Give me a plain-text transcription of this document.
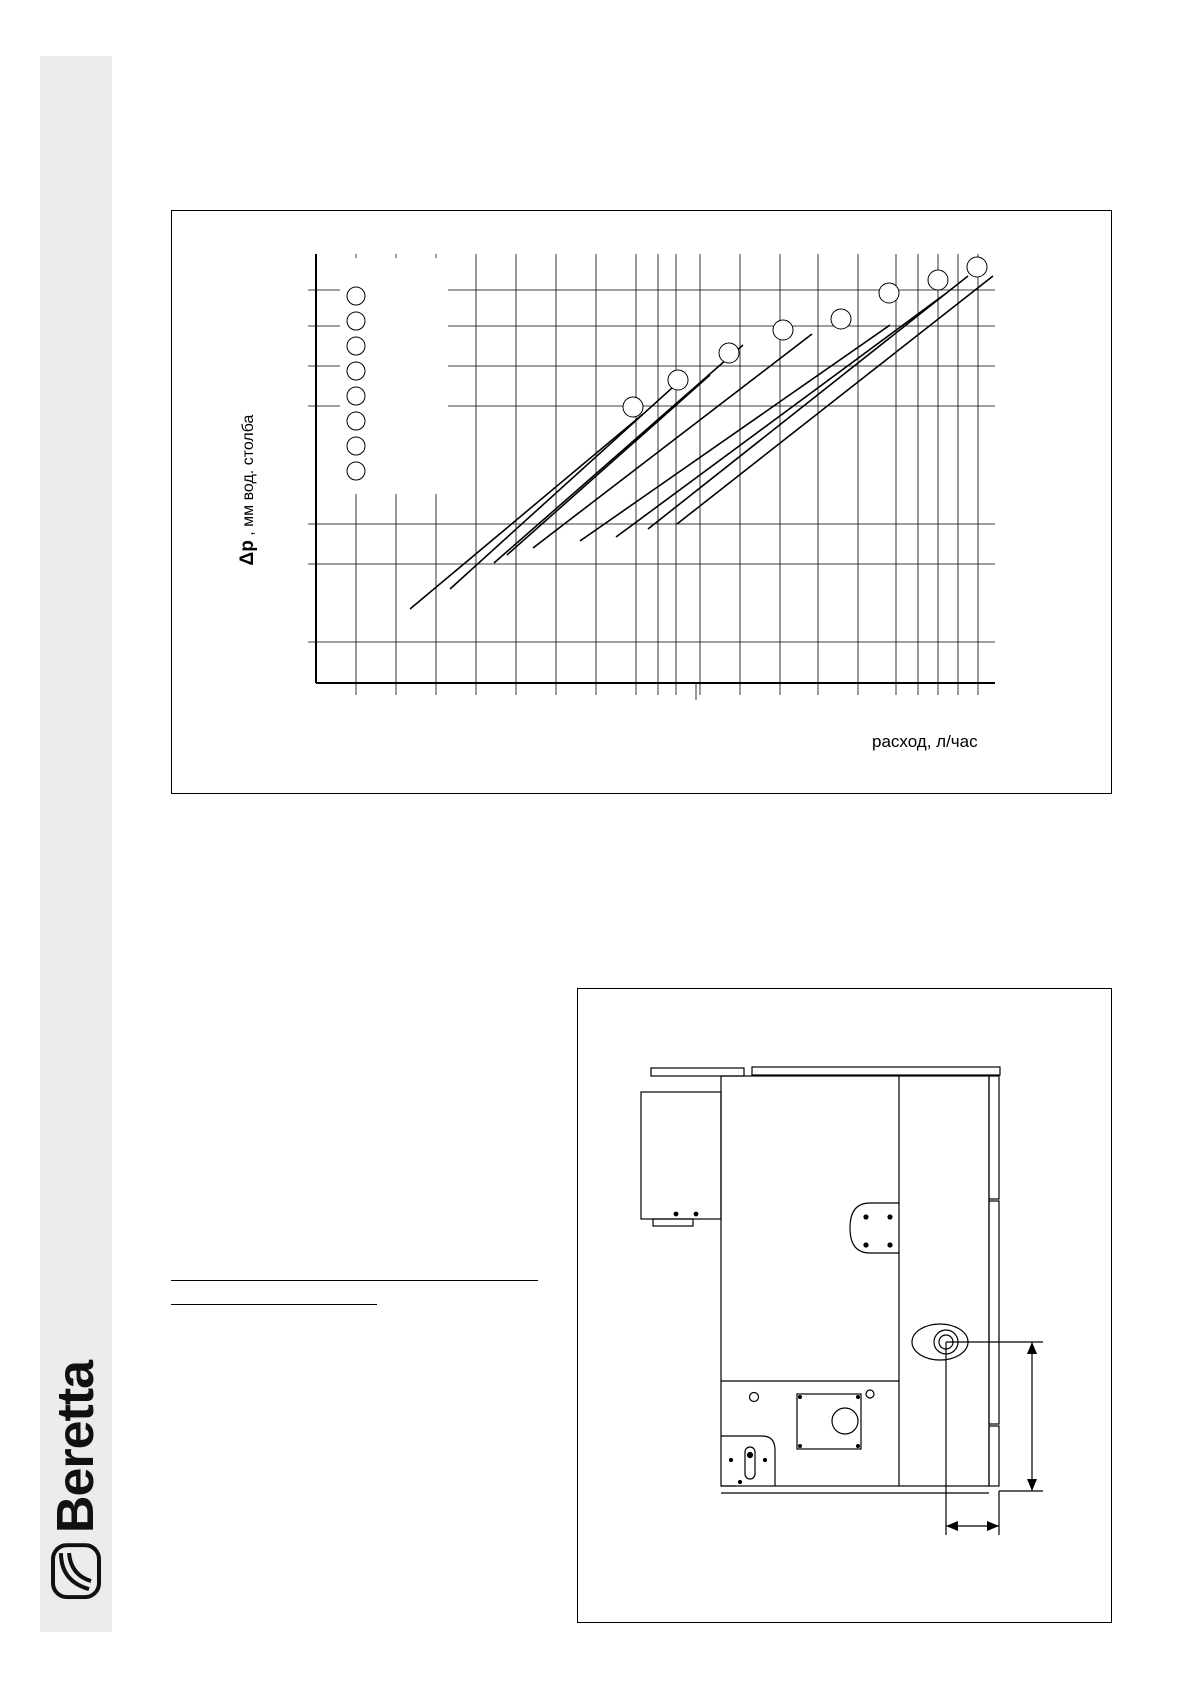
Beretta
Δp , мм вод. столба
расход, л/час
